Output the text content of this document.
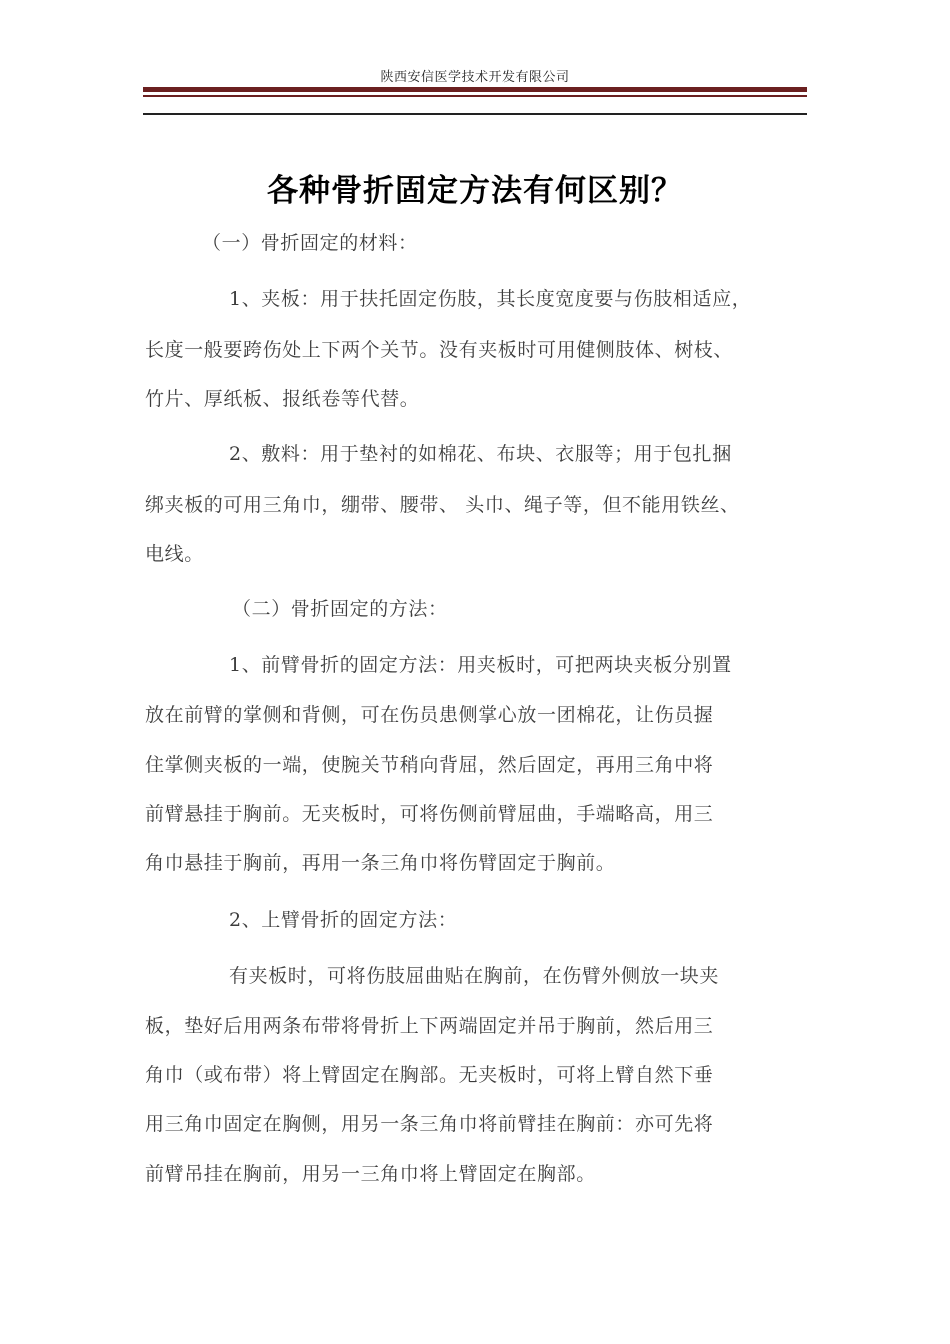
陕西安信医学技术开发有限公司
各种骨折固定方法有何区别？
（一）骨折固定的材料：
1、夹板：用于扶托固定伤肢，其长度宽度要与伤肢相适应，
长度一般要跨伤处上下两个关节。没有夹板时可用健侧肢体、树枝、
竹片、厚纸板、报纸卷等代替。
2、敷料：用于垫衬的如棉花、布块、衣服等；用于包扎捆
绑夹板的可用三角巾，绷带、腰带、 头巾、绳子等，但不能用铁丝、
电线。
（二）骨折固定的方法：
1、前臂骨折的固定方法：用夹板时，可把两块夹板分别置
放在前臂的掌侧和背侧，可在伤员患侧掌心放一团棉花，让伤员握
住掌侧夹板的一端，使腕关节稍向背屈，然后固定，再用三角中将
前臂悬挂于胸前。无夹板时，可将伤侧前臂屈曲，手端略高，用三
角巾悬挂于胸前，再用一条三角巾将伤臂固定于胸前。
2、上臂骨折的固定方法：
有夹板时，可将伤肢屈曲贴在胸前，在伤臂外侧放一块夹
板，垫好后用两条布带将骨折上下两端固定并吊于胸前，然后用三
角巾（或布带）将上臂固定在胸部。无夹板时，可将上臂自然下垂
用三角巾固定在胸侧，用另一条三角巾将前臂挂在胸前：亦可先将
前臂吊挂在胸前，用另一三角巾将上臂固定在胸部。
